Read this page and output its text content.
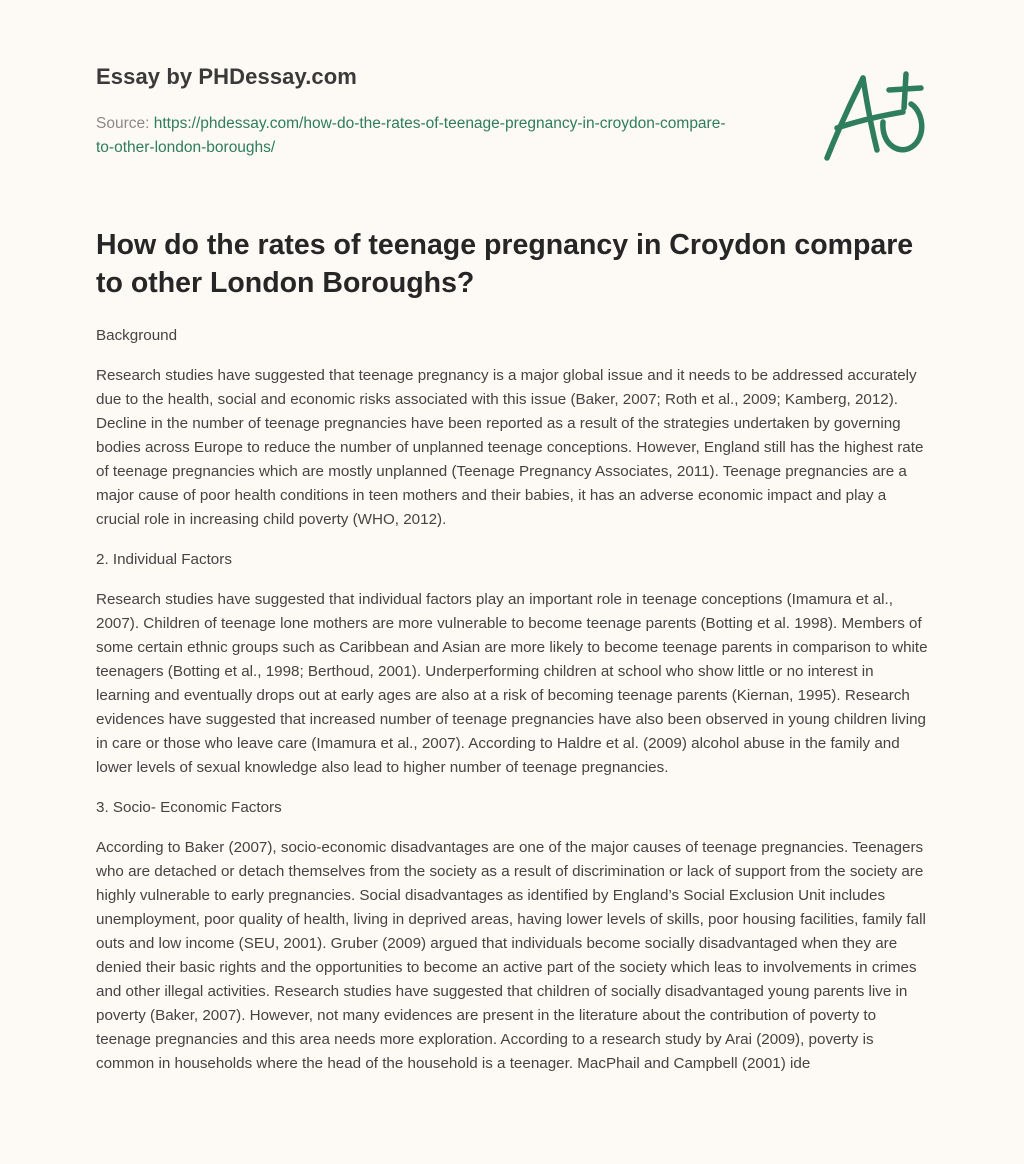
Essay by PHDessay.com
Source: https://phdessay.com/how-do-the-rates-of-teenage-pregnancy-in-croydon-compare-to-other-london-boroughs/
How do the rates of teenage pregnancy in Croydon compare to other London Boroughs?

Background

Research studies have suggested that teenage pregnancy is a major global issue and it needs to be addressed accurately due to the health, social and economic risks associated with this issue (Baker, 2007; Roth et al., 2009; Kamberg, 2012). Decline in the number of teenage pregnancies have been reported as a result of the strategies undertaken by governing bodies across Europe to reduce the number of unplanned teenage conceptions. However, England still has the highest rate of teenage pregnancies which are mostly unplanned (Teenage Pregnancy Associates, 2011). Teenage pregnancies are a major cause of poor health conditions in teen mothers and their babies, it has an adverse economic impact and play a crucial role in increasing child poverty (WHO, 2012).

2. Individual Factors

Research studies have suggested that individual factors play an important role in teenage conceptions (Imamura et al., 2007). Children of teenage lone mothers are more vulnerable to become teenage parents (Botting et al. 1998). Members of some certain ethnic groups such as Caribbean and Asian are more likely to become teenage parents in comparison to white teenagers (Botting et al., 1998; Berthoud, 2001). Underperforming children at school who show little or no interest in learning and eventually drops out at early ages are also at a risk of becoming teenage parents (Kiernan, 1995). Research evidences have suggested that increased number of teenage pregnancies have also been observed in young children living in care or those who leave care (Imamura et al., 2007). According to Haldre et al. (2009) alcohol abuse in the family and lower levels of sexual knowledge also lead to higher number of teenage pregnancies.

3. Socio- Economic Factors

According to Baker (2007), socio-economic disadvantages are one of the major causes of teenage pregnancies. Teenagers who are detached or detach themselves from the society as a result of discrimination or lack of support from the society are highly vulnerable to early pregnancies. Social disadvantages as identified by England’s Social Exclusion Unit includes unemployment, poor quality of health, living in deprived areas, having lower levels of skills, poor housing facilities, family fall outs and low income (SEU, 2001). Gruber (2009) argued that individuals become socially disadvantaged when they are denied their basic rights and the opportunities to become an active part of the society which leas to involvements in crimes and other illegal activities. Research studies have suggested that children of socially disadvantaged young parents live in poverty (Baker, 2007). However, not many evidences are present in the literature about the contribution of poverty to teenage pregnancies and this area needs more exploration. According to a research study by Arai (2009), poverty is common in households where the head of the household is a teenager. MacPhail and Campbell (2001) ide
